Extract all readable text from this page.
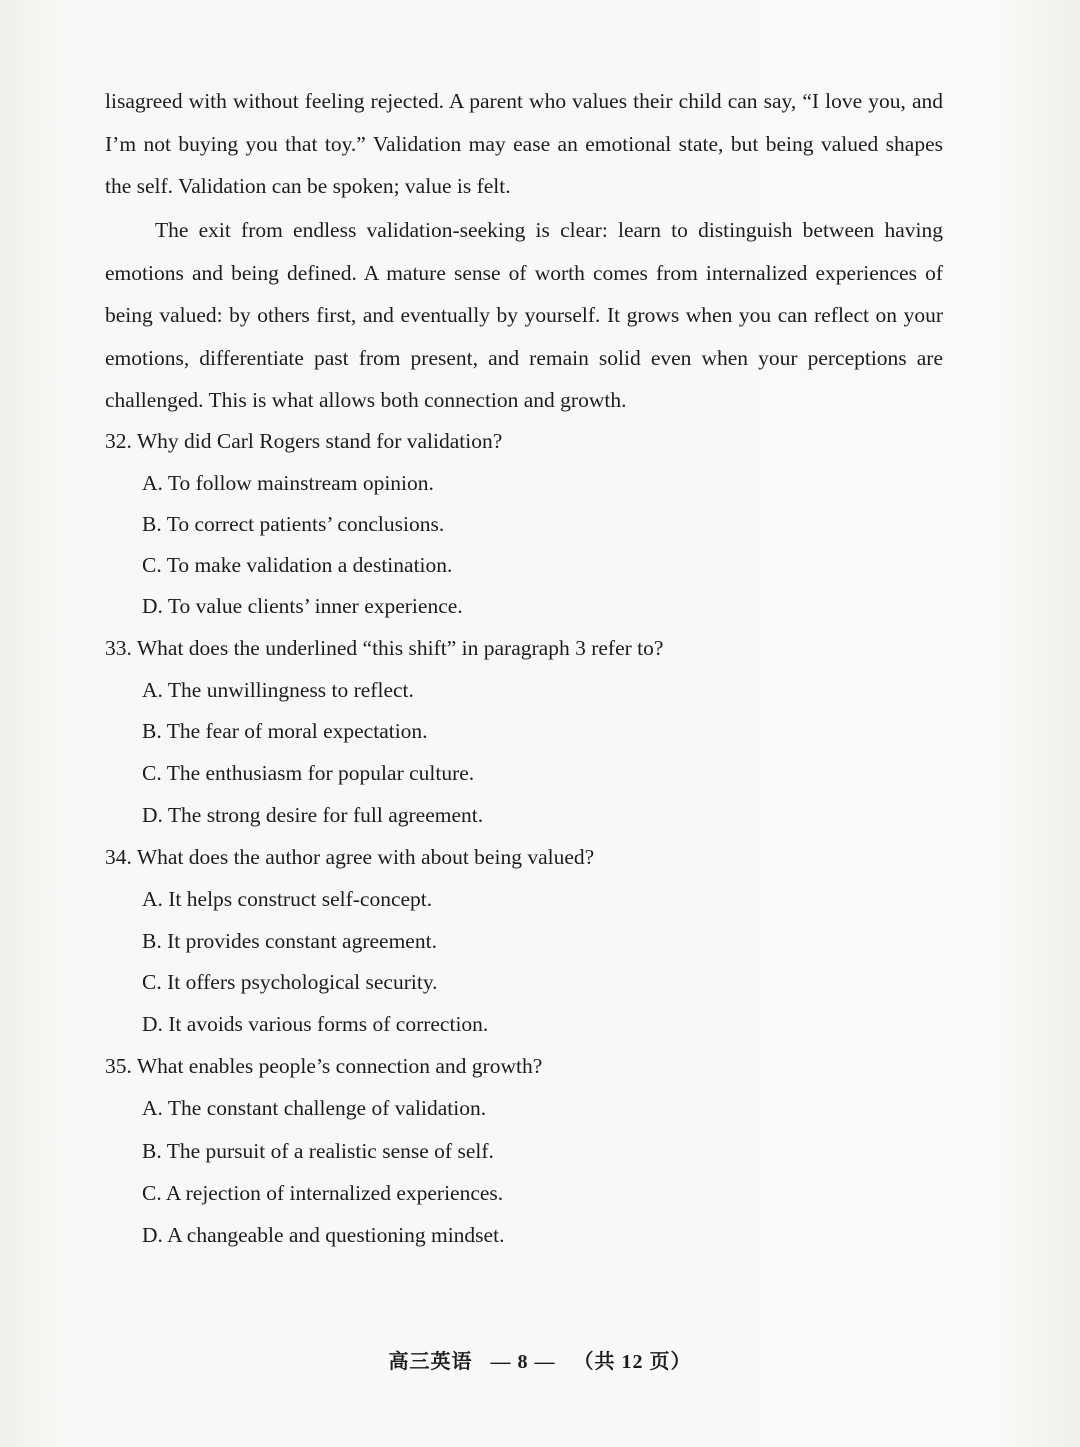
lisagreed with without feeling rejected. A parent who values their child can say, “I love you, and I’m not buying you that toy.” Validation may ease an emotional state, but being valued shapes the self. Validation can be spoken; value is felt.
The exit from endless validation-seeking is clear: learn to distinguish between having emotions and being defined. A mature sense of worth comes from internalized experiences of being valued: by others first, and eventually by yourself. It grows when you can reflect on your emotions, differentiate past from present, and remain solid even when your perceptions are challenged. This is what allows both connection and growth.
32. Why did Carl Rogers stand for validation?
A. To follow mainstream opinion.
B. To correct patients’ conclusions.
C. To make validation a destination.
D. To value clients’ inner experience.
33. What does the underlined “this shift” in paragraph 3 refer to?
A. The unwillingness to reflect.
B. The fear of moral expectation.
C. The enthusiasm for popular culture.
D. The strong desire for full agreement.
34. What does the author agree with about being valued?
A. It helps construct self-concept.
B. It provides constant agreement.
C. It offers psychological security.
D. It avoids various forms of correction.
35. What enables people’s connection and growth?
A. The constant challenge of validation.
B. The pursuit of a realistic sense of self.
C. A rejection of internalized experiences.
D. A changeable and questioning mindset.
高三英语 — 8 — （共 12 页）
